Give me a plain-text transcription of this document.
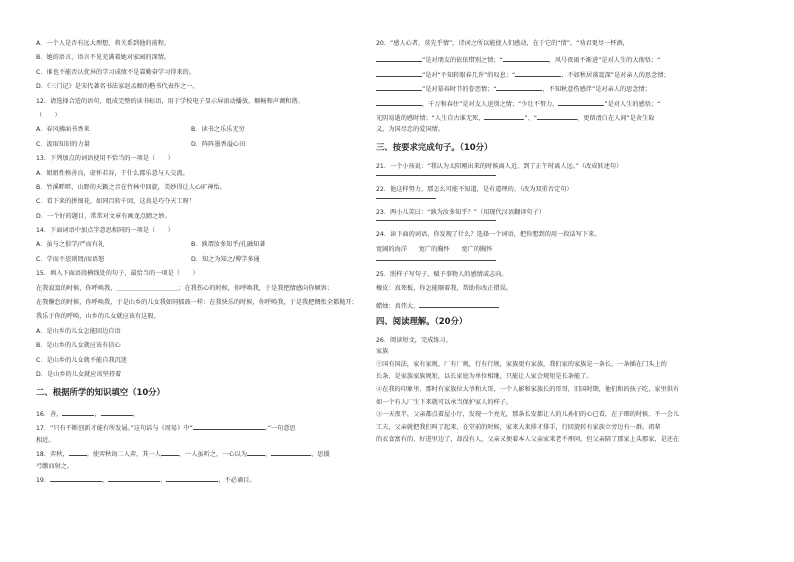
A．一个人是否有远大理想，将关系到他的前程。
B．她的语言、语言不见充满着她对家园的深情。
C．谁也不能否认优异的学习成绩不是靠勤奋学习得来的。
D．《三门记》是宋代著名书法家赵孟頫的楷书代表作之一。
12．请选择合适的语句，组成完整的读书标语，用于学校电子显示屏滚动播放，顺畅和声调和谐。
（　　）
A．春风拂面书香来	B．读书之乐乐无穷
C．汲取知识的力量	D．阵阵墨香溢心田
13．下列加点的词语使用不恰当的一项是（　　）
A．姐姐性格善良，虚怀若谷，干什么都乐意与人交流。
B．竹溪畔畔，山野的天籁之音在竹林中回旋，美妙得让人心旷神怡。
C．看下来的拼图花，如同百转千回，这真是巧夺天工呀！
D．一个好的题目，常常对文章有画龙点睛之妙。
14．下面词语中加点字意思相同的一项是（　　）
A．虽与之俱学/严而有礼	B．孰谓汝多知乎/孔融知著
C．学而不思则罔/而语怒	D．知之为知之/博学多通
15．填入下面语段横线处的句子，最恰当的一项是（　　）
在我寂寞的时候，你呼唤我，＿＿＿＿＿＿＿＿＿＿；在我伤心的时候，你呼唤我，于是我把情感向你倾诉；
在我懈怠的时候，你呼唤我，于是山乡的儿女我如同擂鼓一样：在我快乐的时候，你呼唤我，于是我把惆怅全都抛开；
我乐于你的呼唤，山乡的儿女就应该有这般。
A．是山乡的儿女怎能回边自语
B．是山乡的儿女就应该有信心
C．是山乡的儿女就不能自我沉迷
D．是山乡的儿女就应该坚持着
二、根据所学的知识填空（10分）
16．善，	，	。
17．“只有不断创新才能有所发展。”这句话与《周易》中“	。”一句意思
相近。
18．弈秋，	。使弈秋诲二人弈，其一人	，一人虽听之，一心以为	，	，思援
弓缴而射之。
19．	，	，	，不必诵目。
20．“感人心者，莫先乎情”，诗词之所以能使人们感动，在于它的“情”。“劝君更尽一杯酒，
”是对朋友的依依惜别之情；“	，风号夜雨不渐进”是对人生的大彻悟；“
”是对“不知转眼春几许”的叹息；“	，不如秋居落寞深”是对亲人的思念情；
”是对慕春时节的眷恋情；“	，不知秋意伤感伴”是对亲人的思念情；
，千万和春住”是对友人送别之情；“少壮不努力，	”是对人生的感悟；“
光阴易逝的感时情；“人生自古谁无死，	”、“	，更留清白在人间”是舍生取
义、为国尽忠的爱国情。
三、按要求完成句子。（10分）
21．一个小孩说：“我认为太阳刚出来的时候离人近，到了正午时离人远。”（改成转述句）
22．他这样努力，那怎么可能不知道，是有道理的。（改为双重否定句）
23．两小儿笑曰：“孰为汝多知乎？”（用现代汉语翻译句子）
24．读下面的词语，你发现了什么？选择一个词语，把你想到的用一段话写下来。
宽阔的海洋 宽广的胸怀 宽广的胸怀
25．照样子写句子，赋予事物人的感情或志向。
橡皮：真死板，你怎能顺着我，帮助你改正错误。
蜡烛：真伟大，
四、阅读理解。（20分）
26．阅读短文，完成练习。
家族
①国有国法，家有家规，厂有厂规，行有行规，家族更有家族，我们家的家族是一条长，一条插在门头上的
长条，是家族家族规矩，以长家庭为单位相继，只能让人家会规矩是长条能了。
②在我的印象里，那时有家族位大爷和大哥，一个人影和家族长的哥哥，旧国时期，他们和的孩子吃，家里供有
如一个有人厂生下来就可以承当保护家人的样子。
③一天夜半，父亲都点着屋小厅，发现一个亮光，那条长发都让人的儿孙们的心已看，在子细的时候，不一会儿
工夫，父亲就把我们叫了起来，在堂前的时候，家来大来排才排手，行回旋转有家族立旁边有一群。祖辈
的衣食富有的，好进里边了，却没有人，父亲又便着本人父亲家来老不理问，但父亲陪了那家上头那家，是还在
